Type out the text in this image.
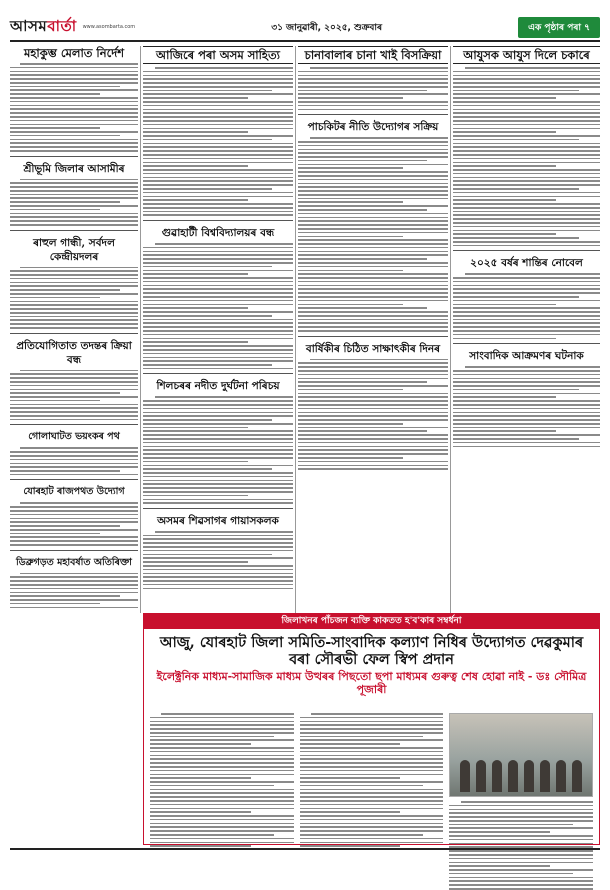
আসমবাৰ্তা www.asombarta.com	৩১ জানুৱাৰী, ২০২৫, শুক্ৰবাৰ	এক পৃষ্ঠাৰ পৰা ৭
মহাকুম্ভ মেলাত নিৰ্দেশ
শ্ৰীভূমি জিলাৰ আসামীৰ
ৰাহুল গান্ধী, সৰ্বদল কেন্দ্ৰীয়দলৰ
প্ৰতিযোগিতাত তদন্তৰ ক্ৰিয়া বন্ধ
গোলাঘাটত ভয়ংকৰ পথ
যোৰহাট ৰাজপথত উদ্যোগ
ডিব্ৰুগড়ত মহাবৰ্ষাত অতিৰিক্তা
আজিৰে পৰা অসম সাহিত্য
গুৱাহাটী বিশ্ববিদ্যালয়ৰ বন্ধ
শিলচৰৰ নদীত দুৰ্ঘটনা পৰিচয়
অসমৰ শিৱসাগৰ গায়াসকলক
চানাবালাৰ চানা খাই বিসক্ৰিয়া
পাচকিটৰ নীতি উদ্যোগৰ সক্ৰিয়
বাৰ্ষিকীৰ চিঠিত সাক্ষাৎকীৰ দিনৰ
আযুসক আযুস দিলে চকাৰে
২০২৫ বৰ্ষৰ শান্তিৰ নোবেল
সাংবাদিক আক্ৰমণৰ ঘটনাক
জিলাখনৰ পাঁচজন ব্যক্তি কাকতত হ'ব'কাৰ সম্বৰ্ধনা
আজু, যোৰহাট জিলা সমিতি-সাংবাদিক কল্যাণ নিধিৰ উদ্যোগত দেৱকুমাৰ বৰা সৌৰভী ফেল স্বিপ প্ৰদান
ইলেক্ট্ৰনিক মাধ্যম-সামাজিক মাধ্যম উত্থৰৰ পিছতো ছপা মাধ্যমৰ গুৰুত্ব শেষ হোৱা নাই - ডঃ সৌমিত্ৰ পূজাৰী
